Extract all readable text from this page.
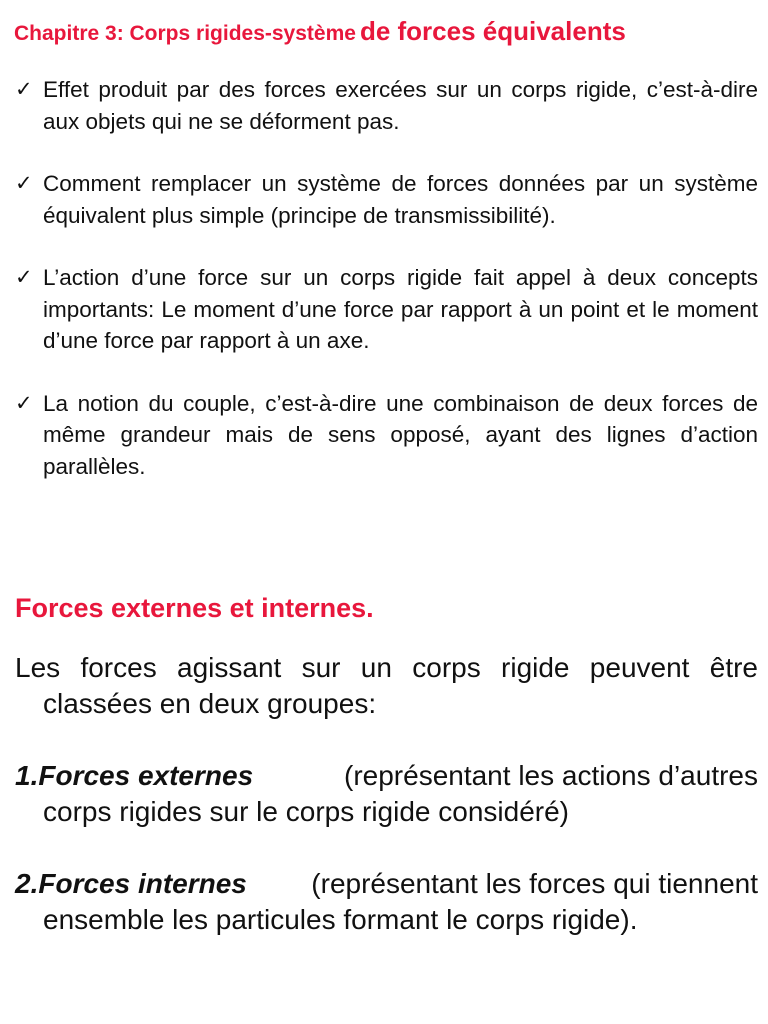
Chapitre 3: Corps rigides-système de forces équivalents
✓ Effet produit par des forces exercées sur un corps rigide, c’est-à-dire aux objets qui ne se déforment pas.
✓ Comment remplacer un système de forces données par un système équivalent plus simple (principe de transmissibilité).
✓ L’action d’une force sur un corps rigide fait appel à deux concepts importants: Le moment d’une force par rapport à un point et le moment d’une force par rapport à un axe.
✓ La notion du couple, c’est-à-dire une combinaison de deux forces de même grandeur mais de sens opposé, ayant des lignes d’action parallèles.
Forces externes et internes.
Les forces agissant sur un corps rigide peuvent être
classées en deux groupes:
1.Forces externes	(représentant les actions d’autres
corps rigides sur le corps rigide considéré)
2.Forces internes (représentant les forces qui tiennent
ensemble les particules formant le corps rigide).
